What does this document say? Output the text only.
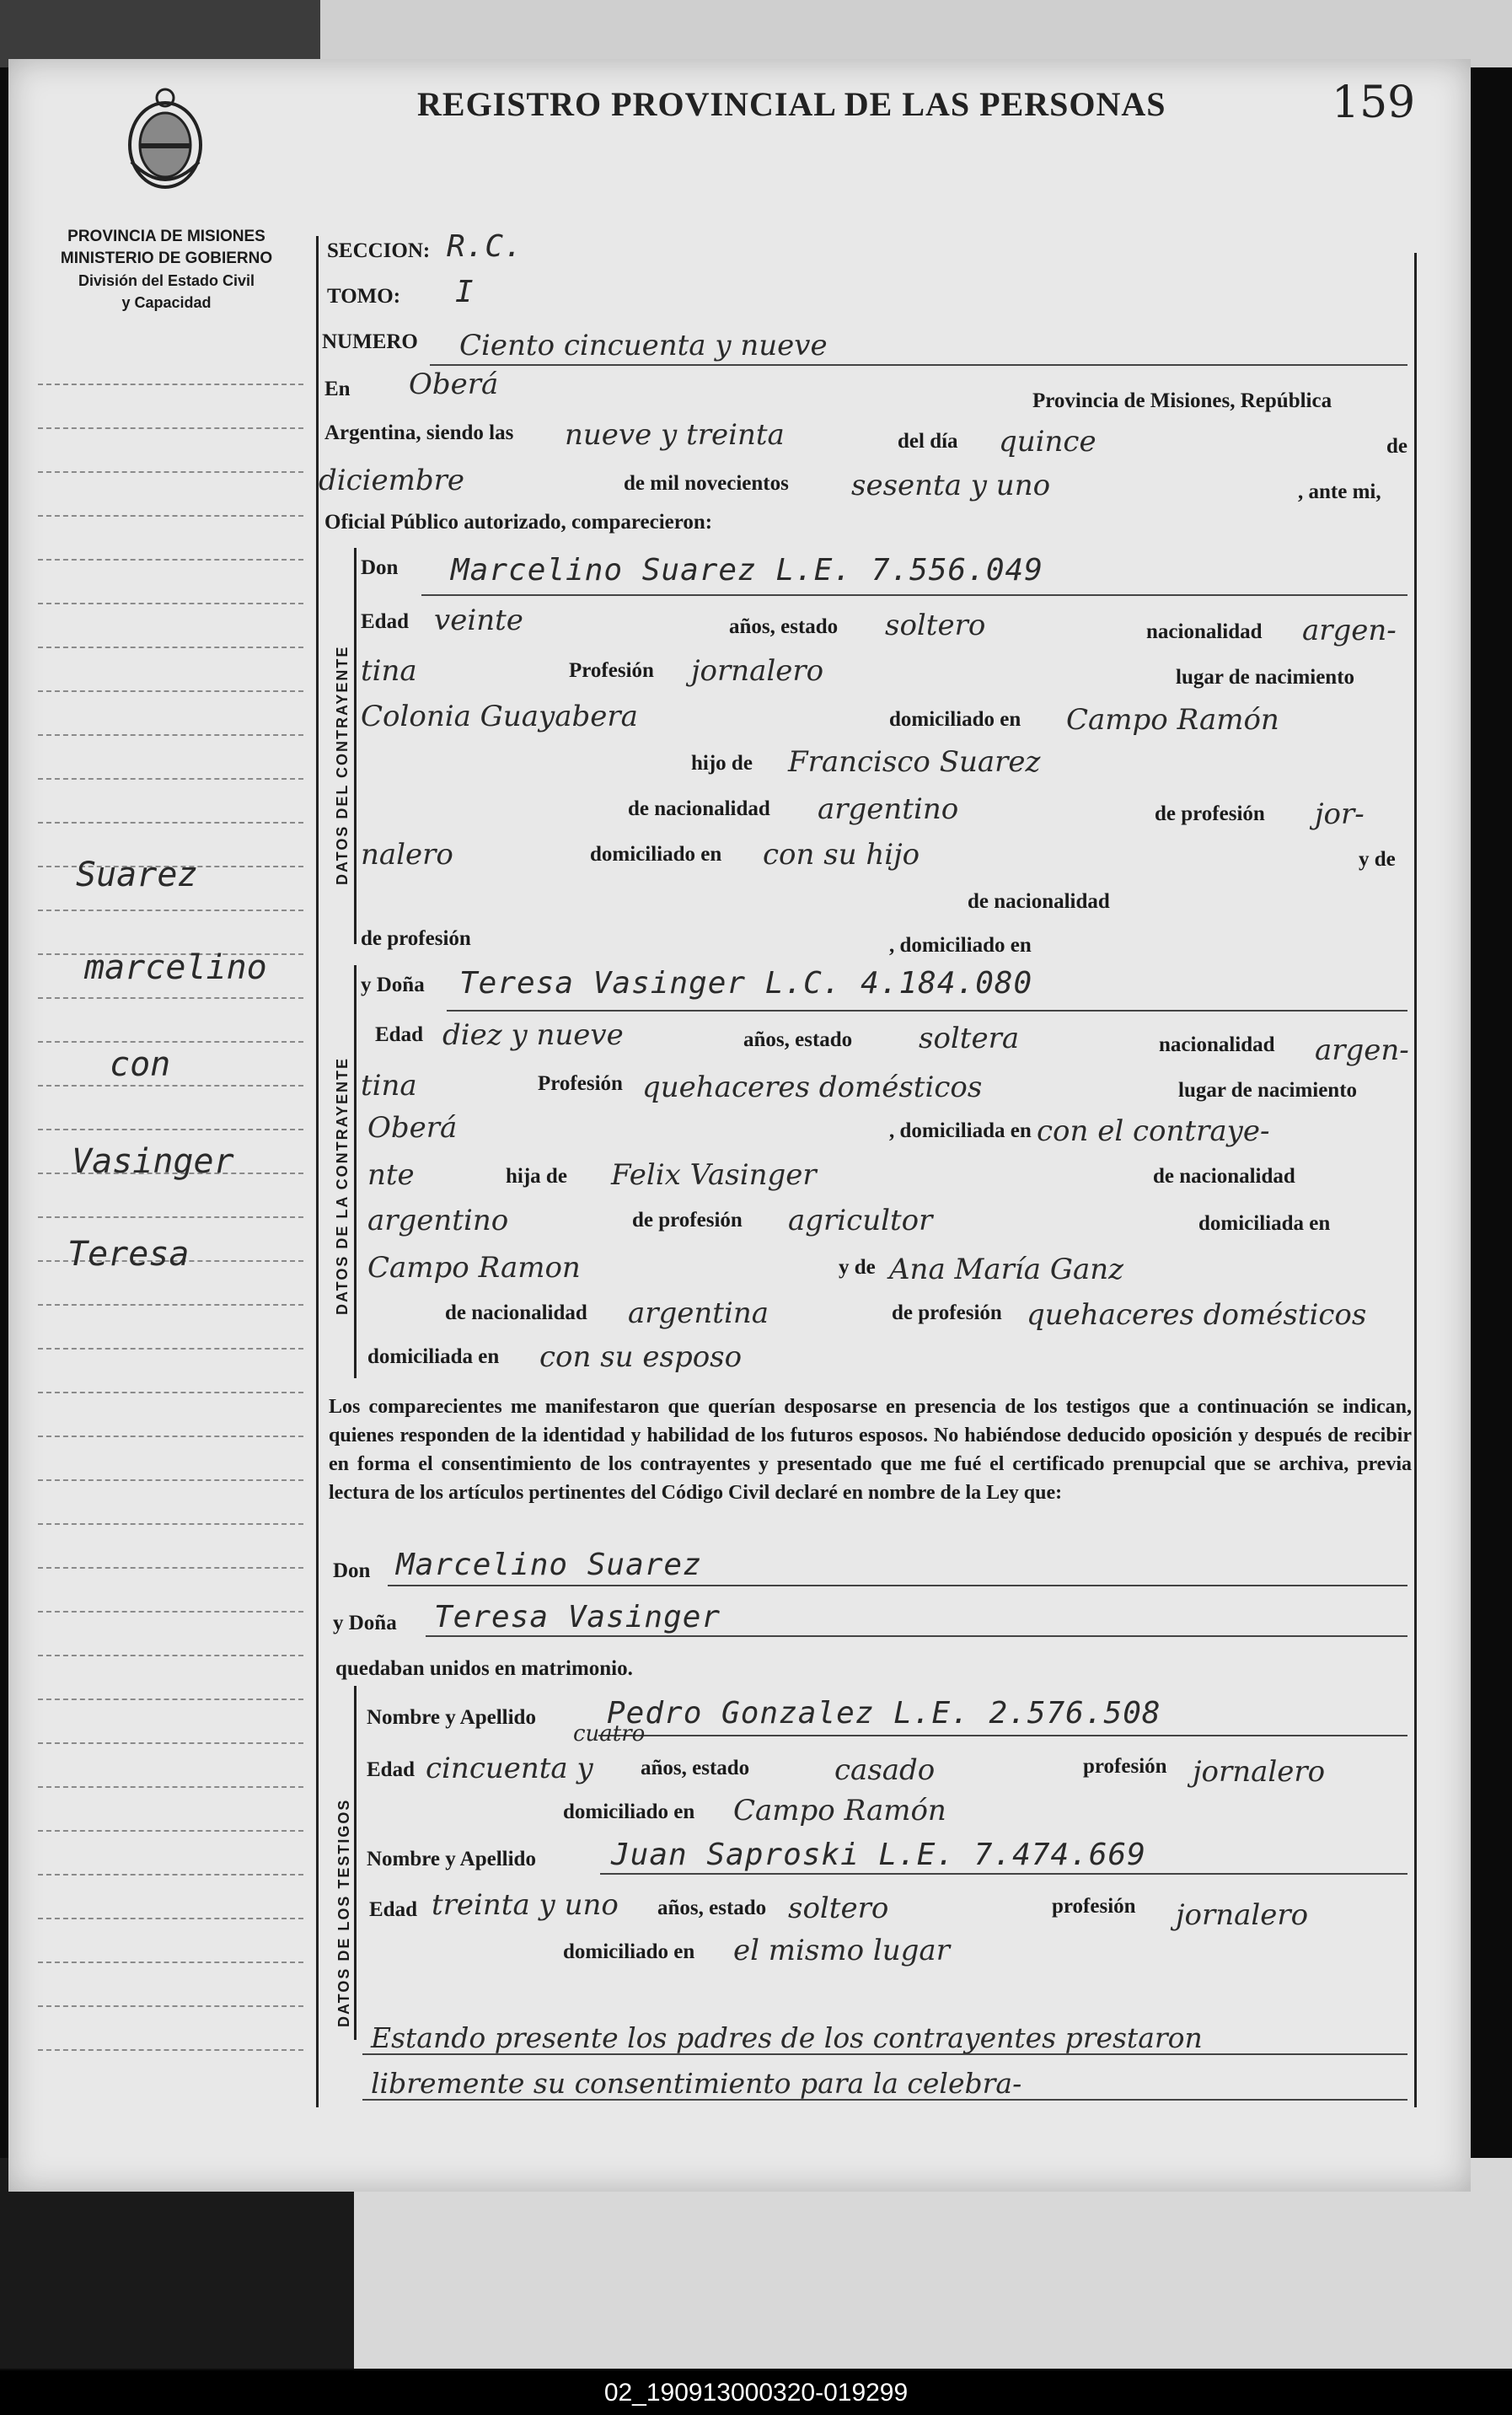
PROVINCIA DE MISIONES
MINISTERIO DE GOBIERNO
División del Estado Civil
y Capacidad
REGISTRO PROVINCIAL DE LAS PERSONAS	159
Suarez
marcelino
con
Vasinger
Teresa
SECCION: R.C.
TOMO: I
NUMERO Ciento cincuenta y nueve
En Oberá	Provincia de Misiones, República
Argentina, siendo las nueve y treinta	del día quince	de
diciembre	de mil novecientos sesenta y uno	, ante mi,
Oficial Público autorizado, comparecieron:
DATOS DEL CONTRAYENTE
Don Marcelino Suarez L.E. 7.556.049
Edad veinte	años, estado soltero	nacionalidad argen-
tina	Profesión jornalero	lugar de nacimiento
Colonia Guayabera	domiciliado en Campo Ramón
hijo de Francisco Suarez
de nacionalidad argentino	de profesión jor-
nalero	domiciliado en con su hijo	y de
de nacionalidad
de profesión	, domiciliado en
DATOS DE LA CONTRAYENTE
y Doña Teresa Vasinger L.C. 4.184.080
Edad diez y nueve	años, estado soltera	nacionalidad argen-
tina	Profesión quehaceres domésticos	lugar de nacimiento
Oberá	, domiciliada en con el contraye-
nte	hija de Felix Vasinger	de nacionalidad
argentino	de profesión agricultor	domiciliada en
Campo Ramon	y de Ana María Ganz
de nacionalidad argentina	de profesión quehaceres domésticos
domiciliada en con su esposo
Los comparecientes me manifestaron que querían desposarse en presencia de los testigos que a continuación se indican, quienes responden de la identidad y habilidad de los futuros esposos. No habiéndose deducido oposición y después de recibir en forma el consentimiento de los contrayentes y presentado que me fué el certificado prenupcial que se archiva, previa lectura de los artículos pertinentes del Código Civil declaré en nombre de la Ley que:
Don Marcelino Suarez
y Doña Teresa Vasinger
quedaban unidos en matrimonio.
DATOS DE LOS TESTIGOS
Nombre y Apellido Pedro Gonzalez L.E. 2.576.508
Edad cincuenta y
cuatro
años, estado	casado	profesión jornalero
domiciliado en Campo Ramón
Nombre y Apellido Juan Saproski L.E. 7.474.669
Edad treinta y uno años, estado soltero	profesión jornalero
domiciliado en el mismo lugar
Estando presente los padres de los contrayentes prestaron
libremente su consentimiento para la celebra-
02_190913000320-019299
